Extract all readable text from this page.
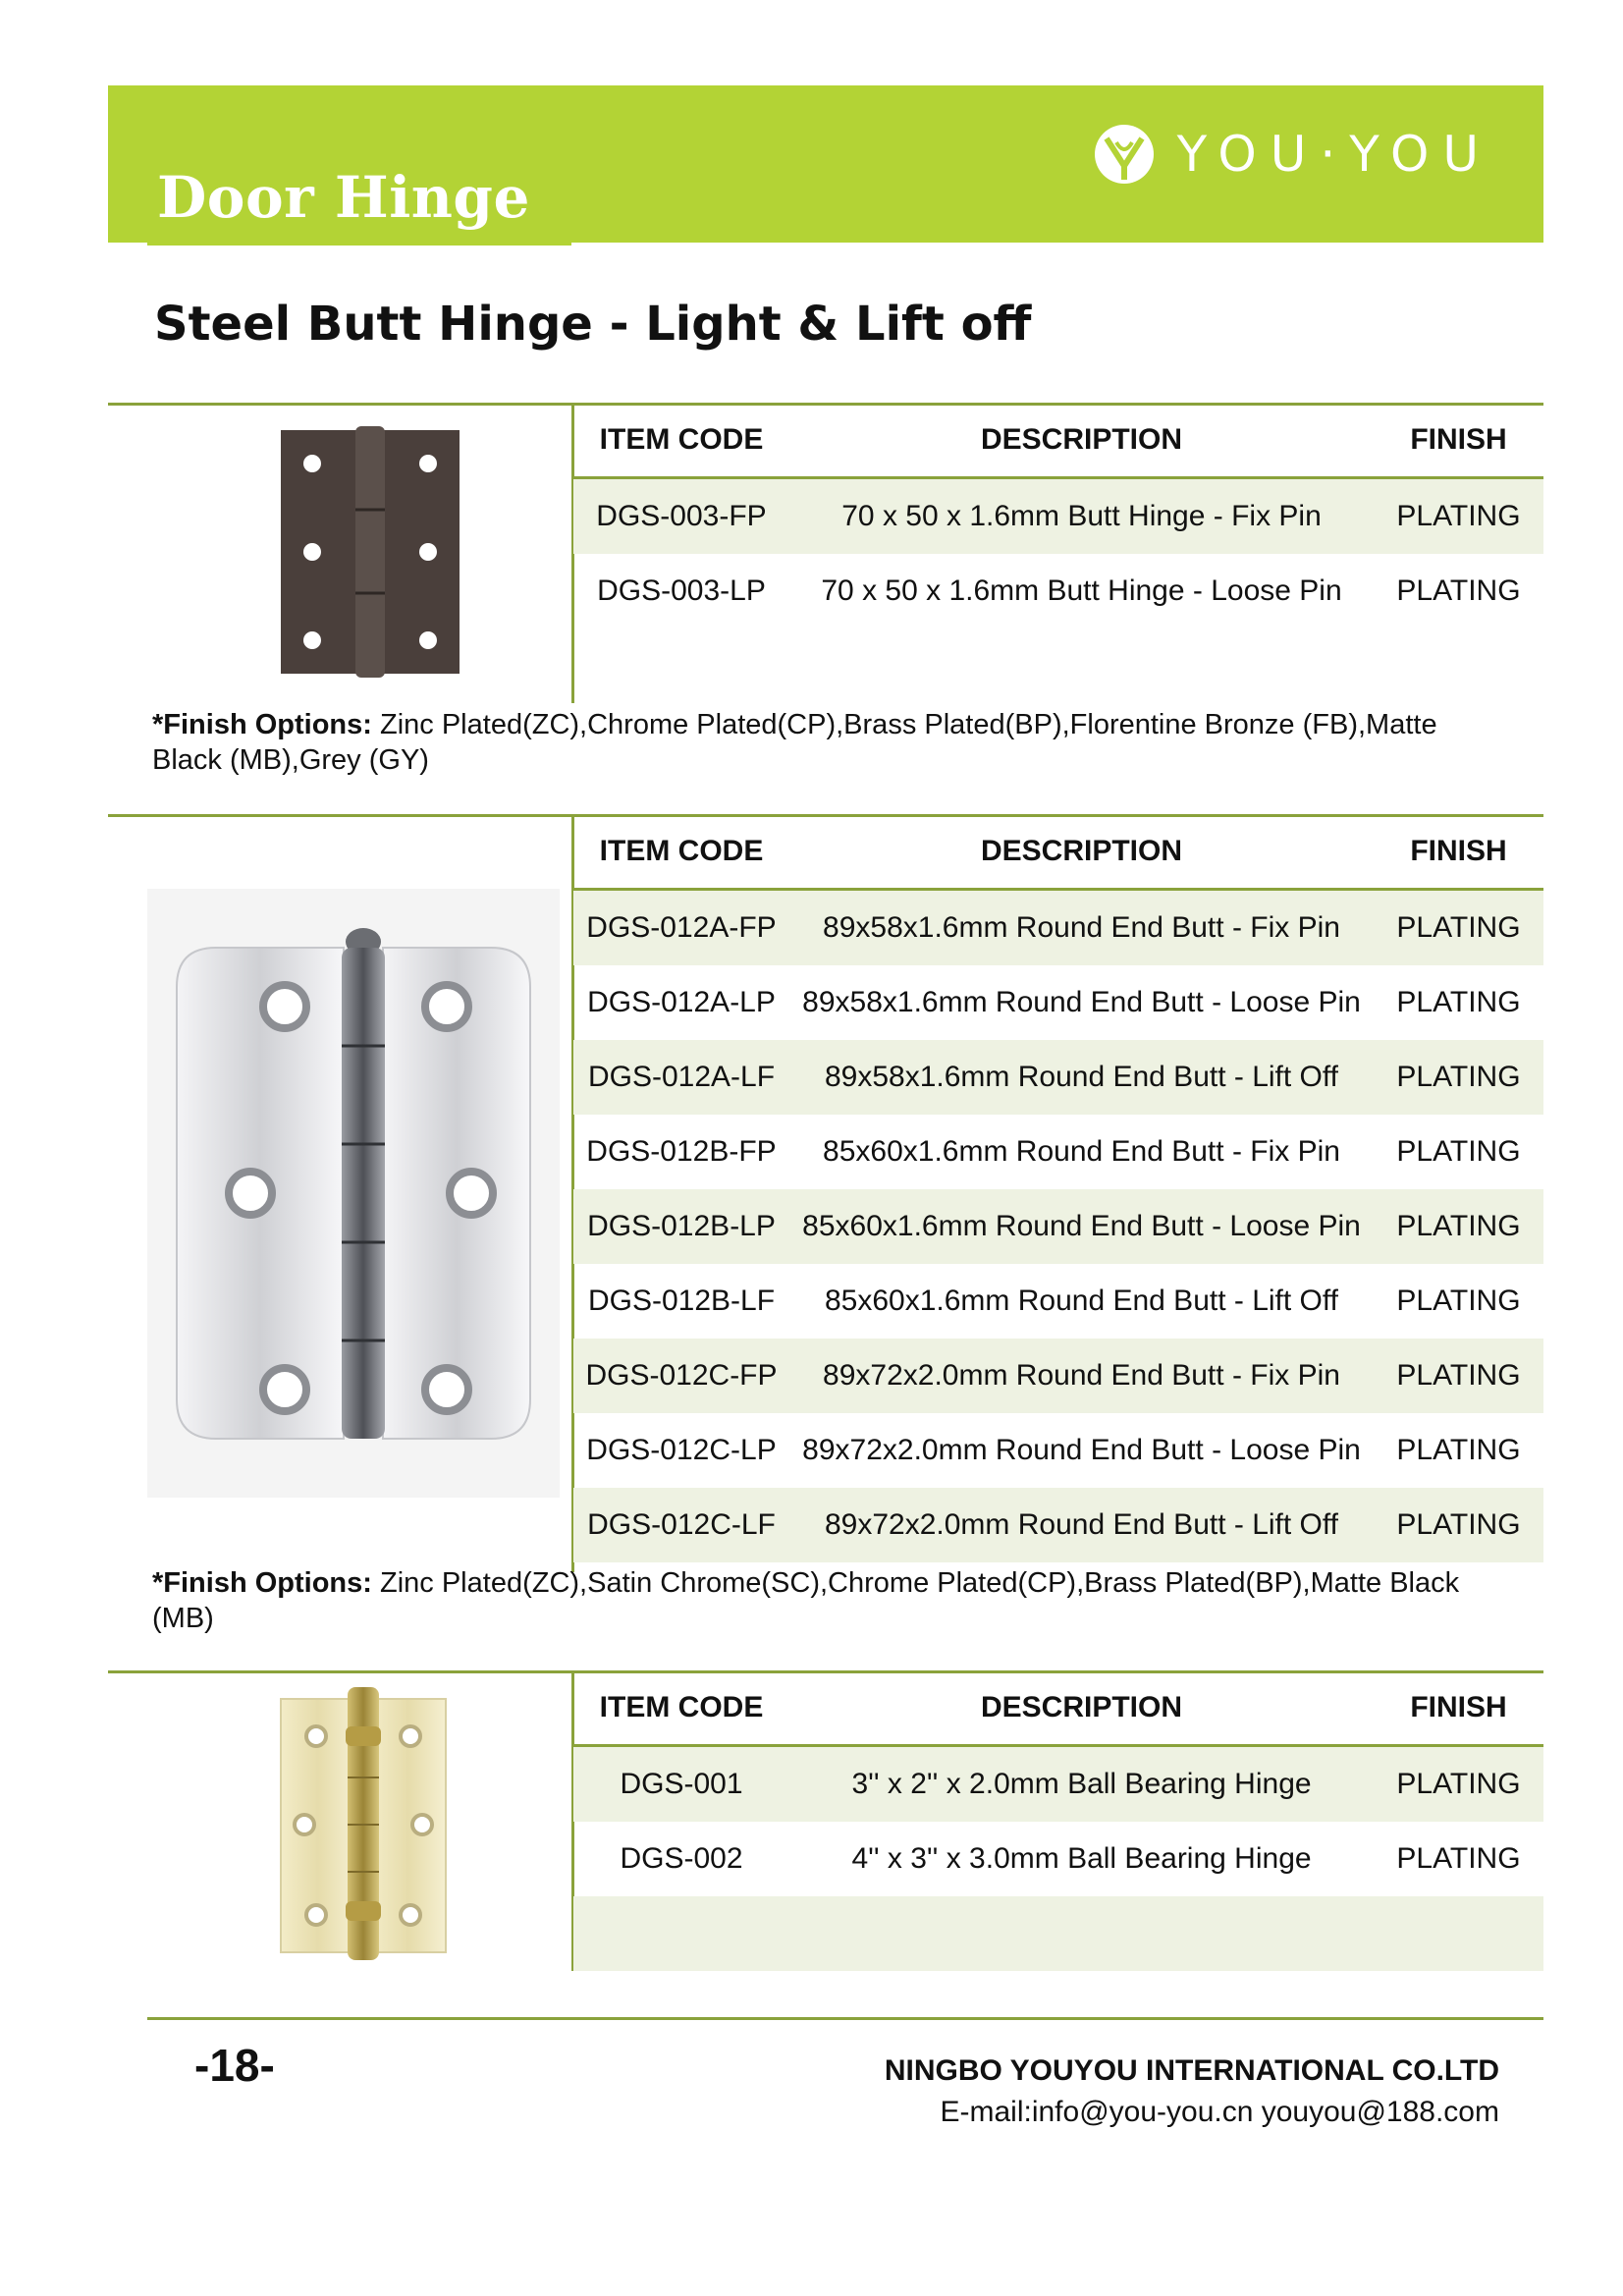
YOU·YOU
Door Hinge
Steel Butt Hinge - Light & Lift off
ITEM CODE	DESCRIPTION	FINISH
DGS-003-FP	70 x 50 x 1.6mm Butt Hinge - Fix Pin	PLATING
DGS-003-LP	70 x 50 x 1.6mm Butt Hinge - Loose Pin	PLATING
*Finish Options: Zinc Plated(ZC),Chrome Plated(CP),Brass Plated(BP),Florentine Bronze (FB),Matte Black (MB),Grey (GY)
ITEM CODE	DESCRIPTION	FINISH
DGS-012A-FP	89x58x1.6mm Round End Butt - Fix Pin	PLATING
DGS-012A-LP 89x58x1.6mm Round End Butt - Loose Pin	PLATING
DGS-012A-LF	89x58x1.6mm Round End Butt - Lift Off	PLATING
DGS-012B-FP	85x60x1.6mm Round End Butt - Fix Pin	PLATING
DGS-012B-LP 85x60x1.6mm Round End Butt - Loose Pin	PLATING
DGS-012B-LF	85x60x1.6mm Round End Butt - Lift Off	PLATING
DGS-012C-FP	89x72x2.0mm Round End Butt - Fix Pin	PLATING
DGS-012C-LP 89x72x2.0mm Round End Butt - Loose Pin	PLATING
DGS-012C-LF	89x72x2.0mm Round End Butt - Lift Off	PLATING
*Finish Options: Zinc Plated(ZC),Satin Chrome(SC),Chrome Plated(CP),Brass Plated(BP),Matte Black (MB)
ITEM CODE	DESCRIPTION	FINISH
DGS-001	3'' x 2'' x 2.0mm Ball Bearing Hinge	PLATING
DGS-002	4'' x 3'' x 3.0mm Ball Bearing Hinge	PLATING
-18-	NINGBO YOUYOU INTERNATIONAL CO.LTD
E-mail:info@you-you.cn youyou@188.com
